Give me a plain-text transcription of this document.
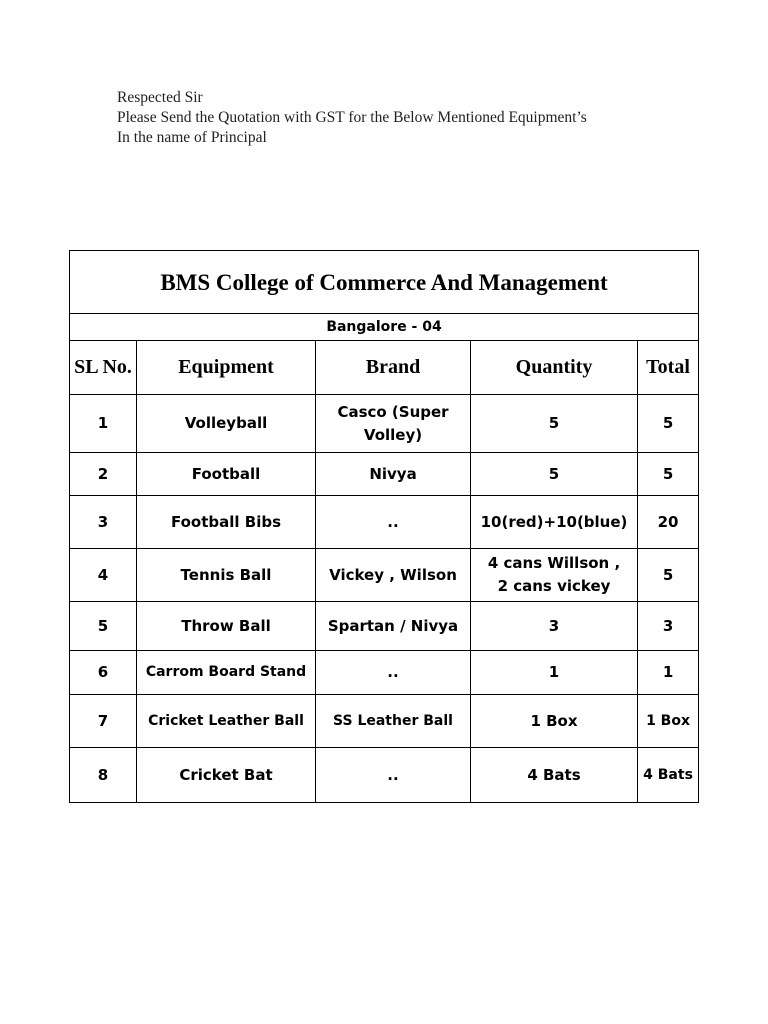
Respected Sir
Please Send the Quotation with GST for the Below Mentioned Equipment’s
In the name of Principal
BMS College of Commerce And Management				
Bangalore - 04				
SL No.	Equipment	Brand	Quantity	Total
1	Volleyball	Casco (Super Volley)	5	5
2	Football	Nivya	5	5
3	Football Bibs	..	10(red)+10(blue)	20
4	Tennis Ball	Vickey , Wilson	4 cans Willson , 2 cans vickey	5
5	Throw Ball	Spartan / Nivya	3	3
6	Carrom Board Stand	..	1	1
7	Cricket Leather Ball	SS Leather Ball	1 Box	1 Box
8	Cricket Bat	..	4 Bats	4 Bats
